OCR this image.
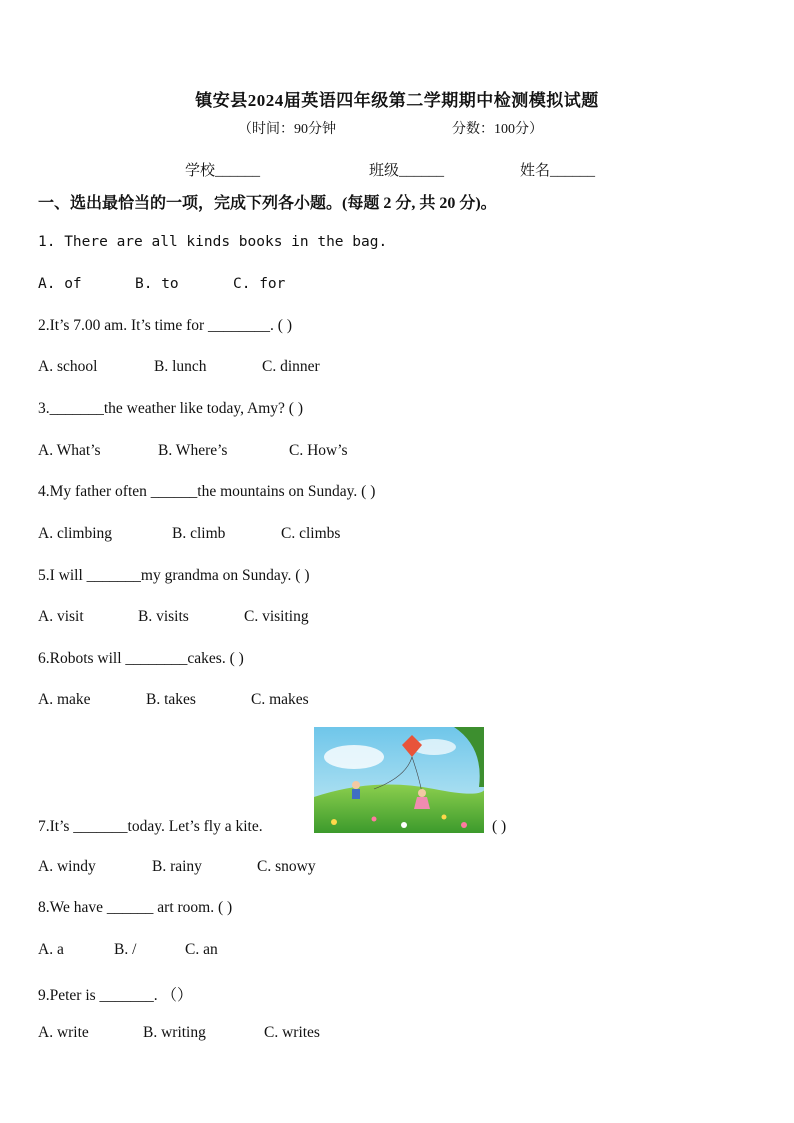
镇安县2024届英语四年级第二学期期中检测模拟试题
（时间：90分钟	分数：100分）
学校______	班级______	姓名______
一、选出最恰当的一项，完成下列各小题。(每题 2 分, 共 20 分)。
1. There are all kinds books in the bag.
A. of	B. to	C. for
2.It’s 7.00 am. It’s time for ________. ( )
A. school	B. lunch	C. dinner
3._______the weather like today, Amy? ( )
A. What’s	B. Where’s	C. How’s
4.My father often ______the mountains on Sunday. ( )
A. climbing	B. climb	C. climbs
5.I will _______my grandma on Sunday. ( )
A. visit	B. visits	C. visiting
6.Robots will ________cakes. ( )
A. make	B. takes	C. makes
7.It’s _______today. Let’s fly a kite.	( )
A. windy	B. rainy	C. snowy
8.We have ______ art room. ( )
A. a	B. /	C. an
9.Peter is _______. （）
A. write	B. writing	C. writes
